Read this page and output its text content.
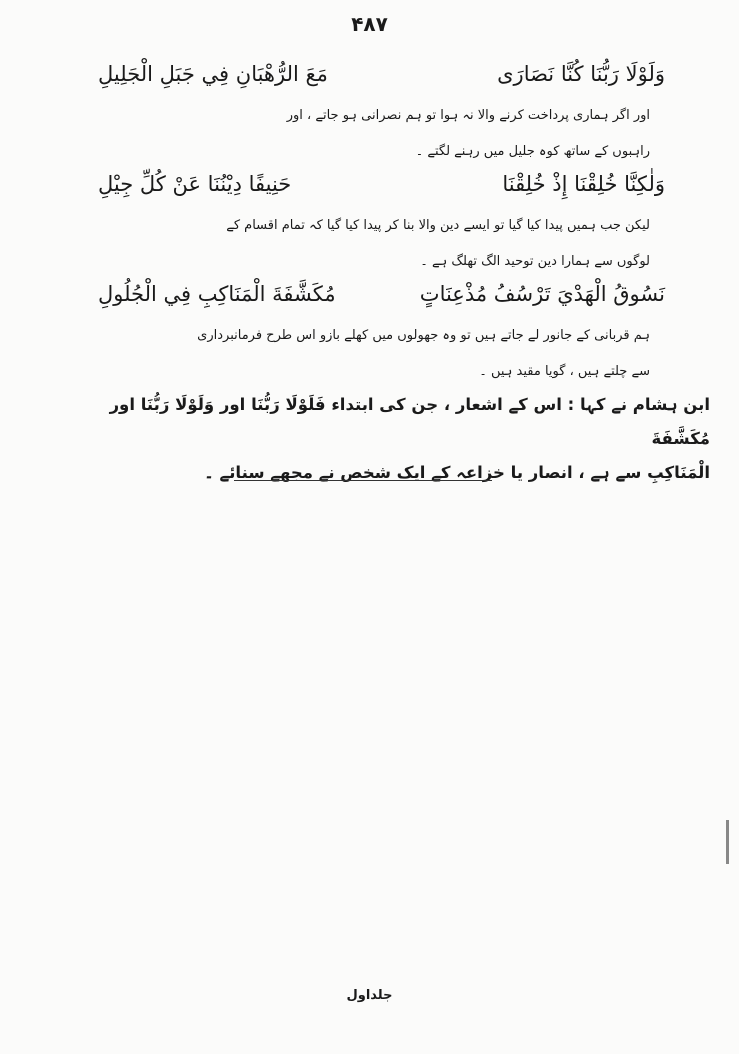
۴۸۷
وَلَوْلَا رَبُّنَا كُنَّا نَصَارَى
مَعَ الرُّهْبَانِ فِي جَبَلِ الْجَلِيلِ
اور اگر ہماری پرداخت کرنے والا نہ ہوا تو ہم نصرانی ہو جاتے ، اور
راہبوں کے ساتھ کوہ جلیل میں رہنے لگتے ۔
وَلٰكِنَّا خُلِقْنَا إِذْ خُلِقْنَا
حَنِيفًا دِيْنُنَا عَنْ كُلِّ جِيْلِ
لیکن جب ہمیں پیدا کیا گیا تو ایسے دین والا بنا کر پیدا کیا گیا کہ تمام اقسام کے
لوگوں سے ہمارا دین توحید الگ تھلگ ہے ۔
نَسُوقُ الْهَدْيَ تَرْسُفُ مُذْعِنَاتٍ
مُكَشَّفَةَ الْمَنَاكِبِ فِي الْجُلُولِ
ہم قربانی کے جانور لے جاتے ہیں تو وہ جھولوں میں کھلے بازو اس طرح فرمانبرداری
سے چلتے ہیں ، گویا مقید ہیں ۔
ابن ہشام نے کہا : اس کے اشعار ، جن کی ابتداء فَلَوْلَا رَبُّنَا اور وَلَوْلَا رَبُّنَا اور مُكَشَّفَةَ
الْمَنَاكِبِ سے ہے ، انصار یا خزاعہ کے ایک شخص نے مجھے سنائے ۔
جلداول
